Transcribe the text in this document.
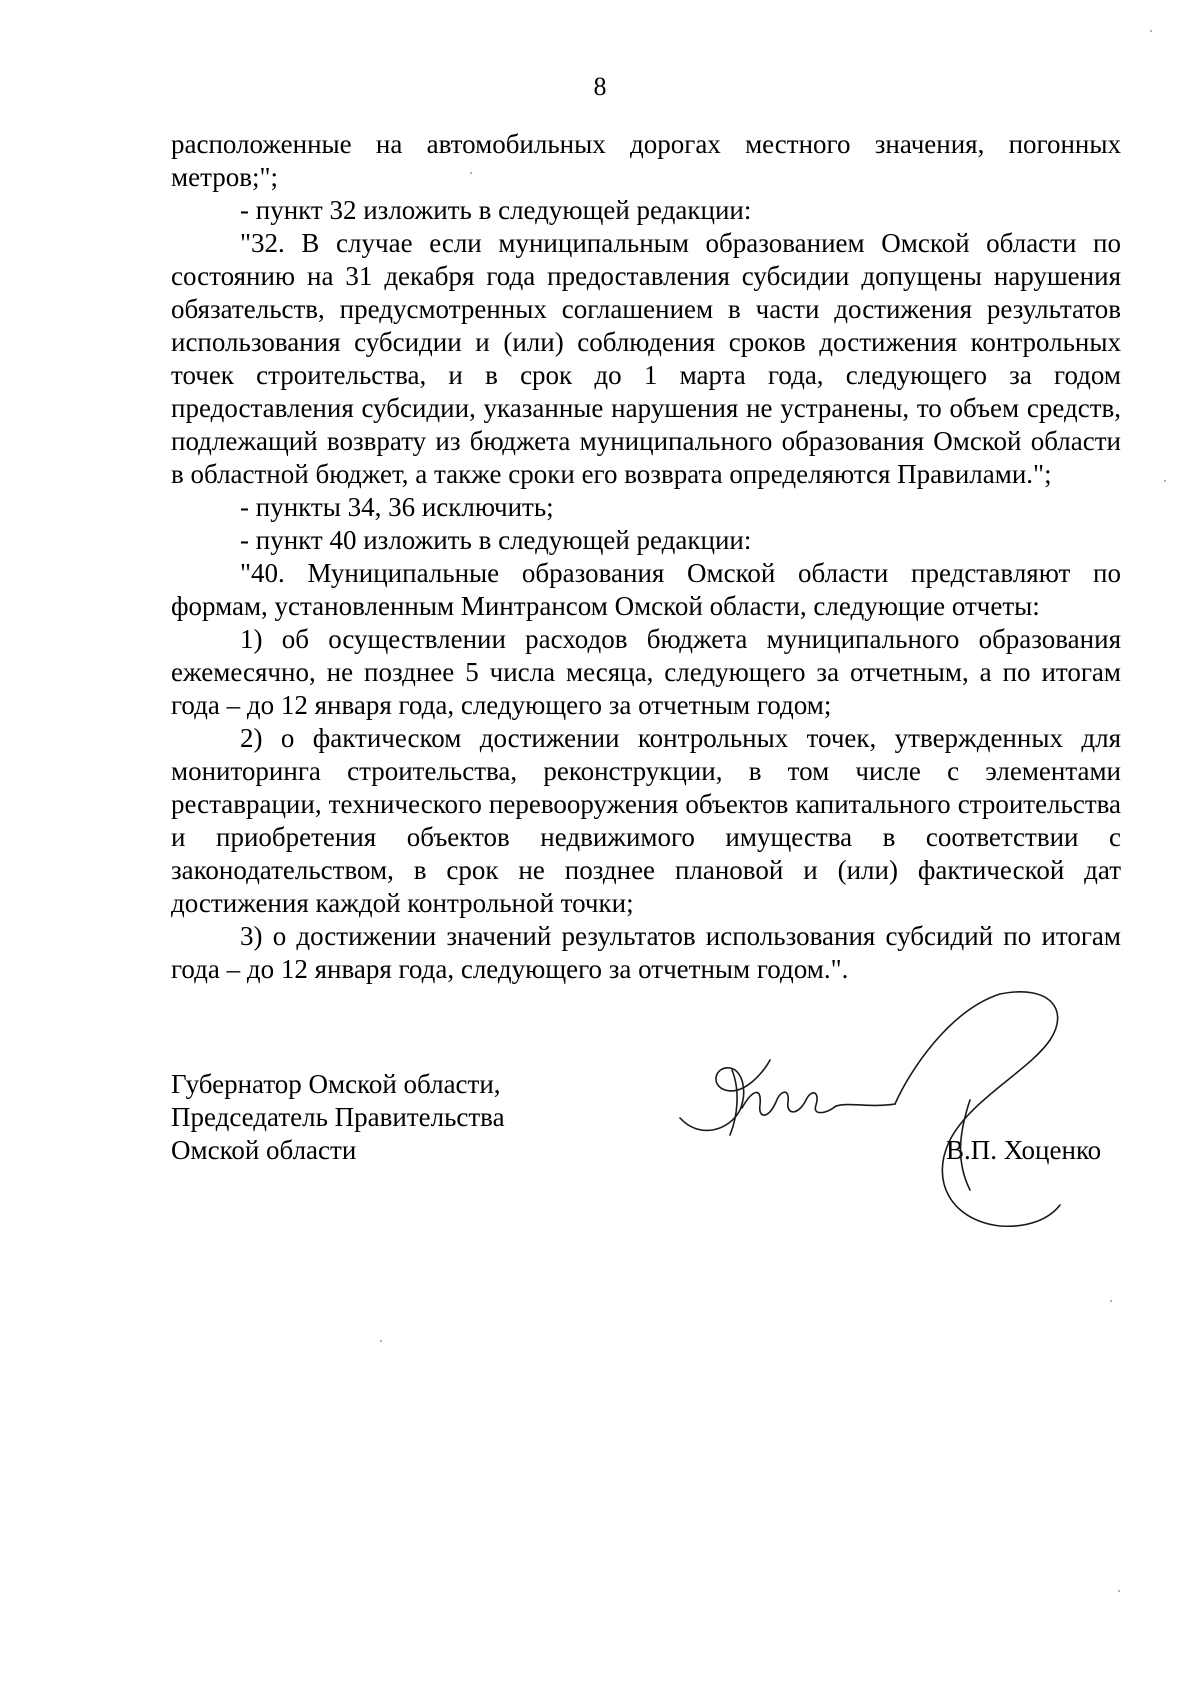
8

расположенные на автомобильных дорогах местного значения, погонных метров;";

- пункт 32 изложить в следующей редакции:

"32. В случае если муниципальным образованием Омской области по состоянию на 31 декабря года предоставления субсидии допущены нарушения обязательств, предусмотренных соглашением в части достижения результатов использования субсидии и (или) соблюдения сроков достижения контрольных точек строительства, и в срок до 1 марта года, следующего за годом предоставления субсидии, указанные нарушения не устранены, то объем средств, подлежащий возврату из бюджета муниципального образования Омской области в областной бюджет, а также сроки его возврата определяются Правилами.";

- пункты 34, 36 исключить;

- пункт 40 изложить в следующей редакции:

"40. Муниципальные образования Омской области представляют по формам, установленным Минтрансом Омской области, следующие отчеты:

1) об осуществлении расходов бюджета муниципального образования ежемесячно, не позднее 5 числа месяца, следующего за отчетным, а по итогам года – до 12 января года, следующего за отчетным годом;

2) о фактическом достижении контрольных точек, утвержденных для мониторинга строительства, реконструкции, в том числе с элементами реставрации, технического перевооружения объектов капитального строительства и приобретения объектов недвижимого имущества в соответствии с законодательством, в срок не позднее плановой и (или) фактической дат достижения каждой контрольной точки;

3) о достижении значений результатов использования субсидий по итогам года – до 12 января года, следующего за отчетным годом.".

Губернатор Омской области,
Председатель Правительства
Омской области	В.П. Хоценко
